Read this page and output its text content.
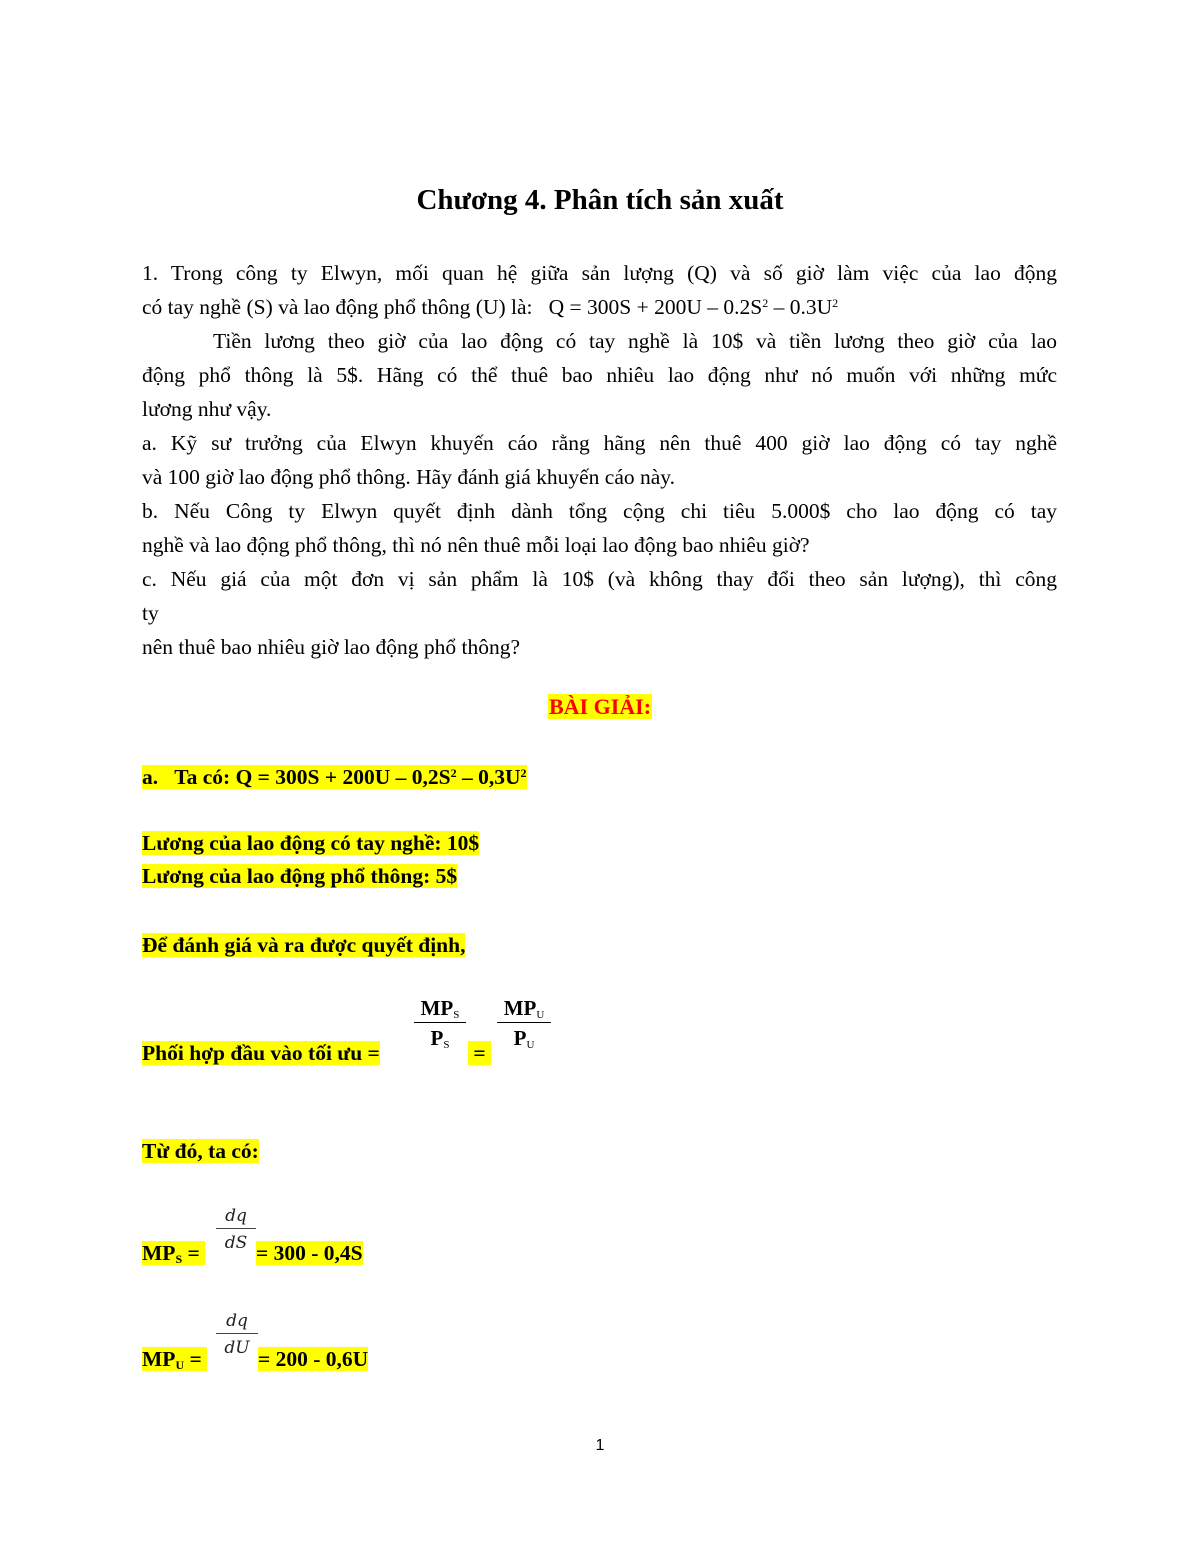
Chương 4. Phân tích sản xuất
1. Trong công ty Elwyn, mối quan hệ giữa sản lượng (Q) và số giờ làm việc của lao động
có tay nghề (S) và lao động phổ thông (U) là: $Q = 300S + 200U - 0.2S^2 - 0.3U^2$
Tiền lương theo giờ của lao động có tay nghề là 10$ và tiền lương theo giờ của lao
động phổ thông là 5$. Hãng có thể thuê bao nhiêu lao động như nó muốn với những mức
lương như vậy.
a. Kỹ sư trưởng của Elwyn khuyến cáo rằng hãng nên thuê 400 giờ lao động có tay nghề
và 100 giờ lao động phổ thông. Hãy đánh giá khuyến cáo này.
b. Nếu Công ty Elwyn quyết định dành tổng cộng chi tiêu 5.000$ cho lao động có tay
nghề và lao động phổ thông, thì nó nên thuê mỗi loại lao động bao nhiêu giờ?
c. Nếu giá của một đơn vị sản phẩm là 10$ (và không thay đổi theo sản lượng), thì công
ty
nên thuê bao nhiêu giờ lao động phổ thông?
BÀI GIẢI:
a. Ta có: $Q = 300S + 200U - 0,2S^2 - 0,3U^2$
Lương của lao động có tay nghề: 10$
Lương của lao động phổ thông: 5$
Để đánh giá và ra được quyết định,
Phối hợp đầu vào tối ưu =
$MP_S$
$P_S$	=
$MP_U$
$P_U$
Từ đó, ta có:
$MP_S = \frac{dq}{dS} = 300 - 0,4S$
$MP_U$ =
$\frac{dq}{dU}$
= 200 - 0,6U
1
